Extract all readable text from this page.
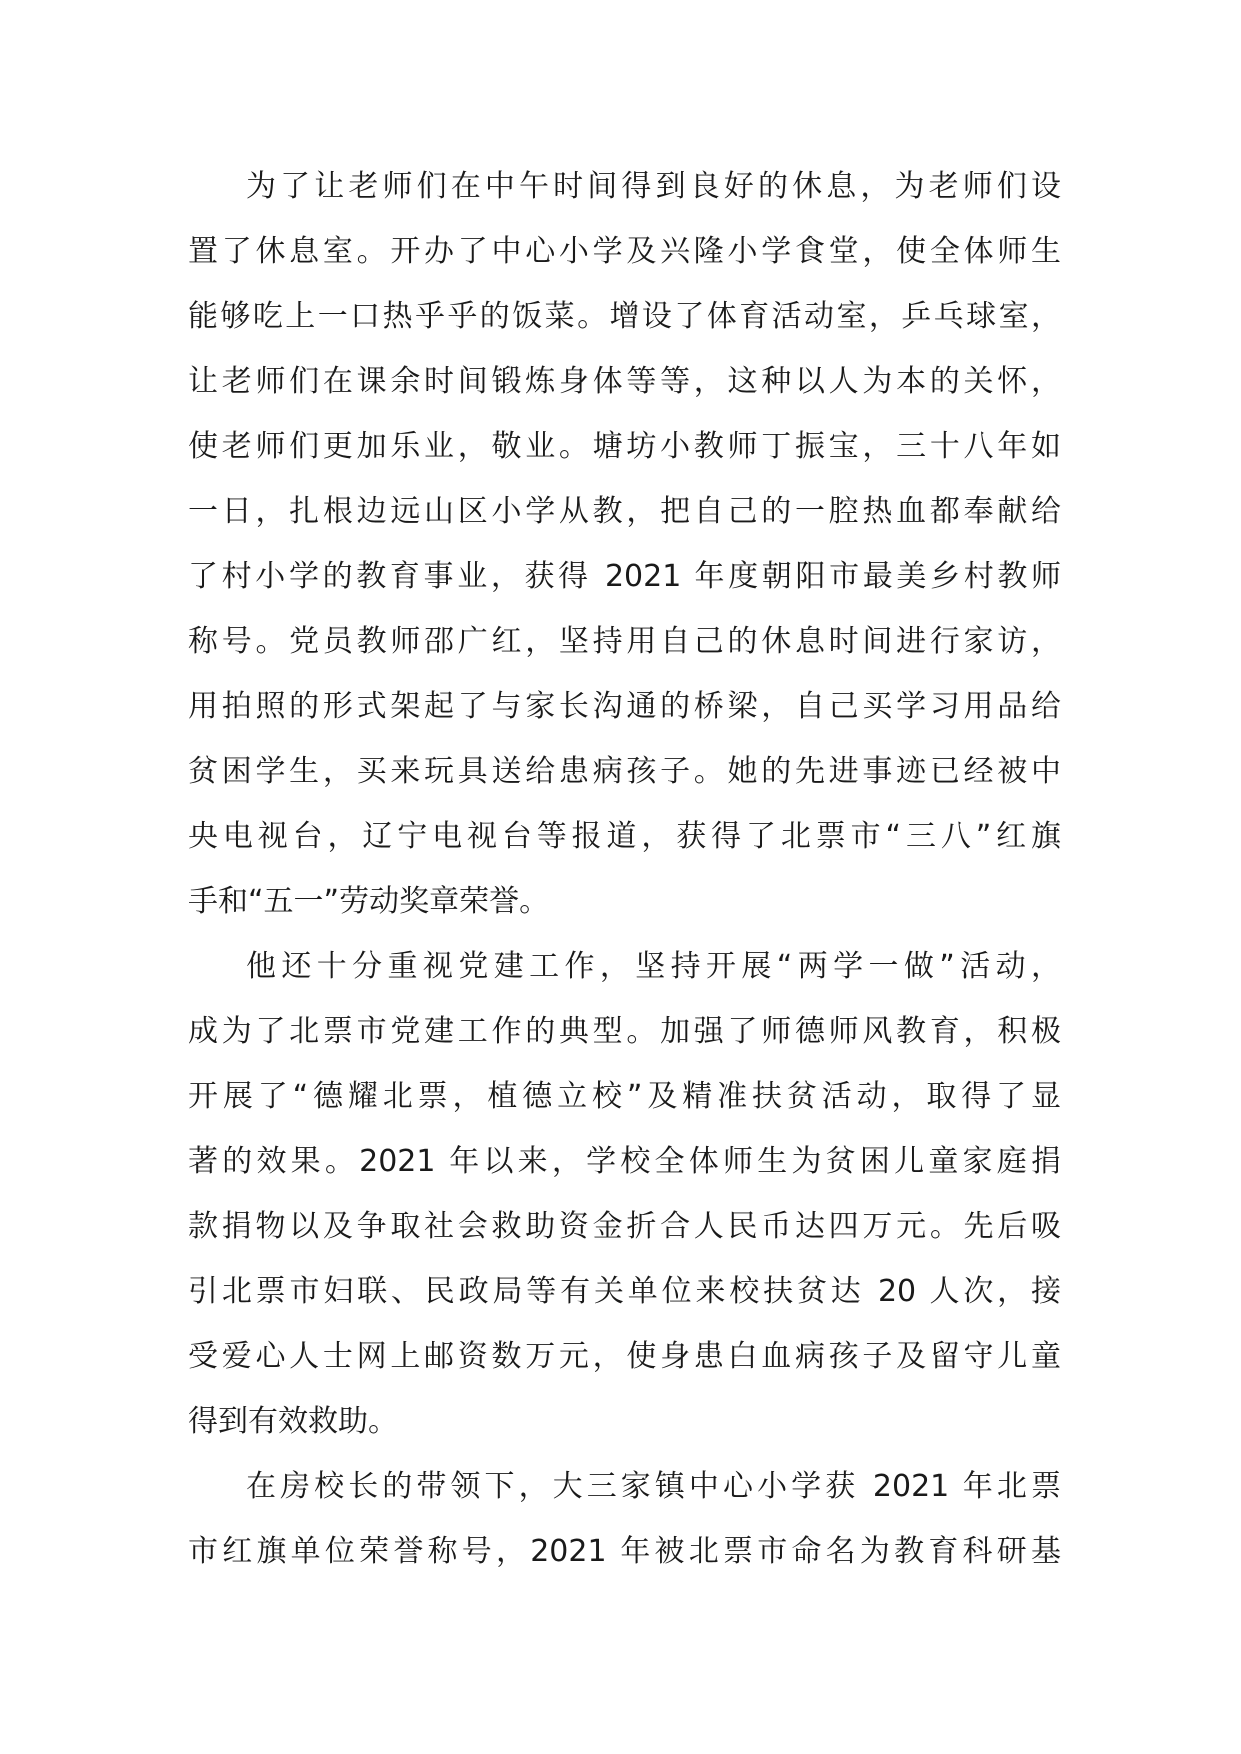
为了让老师们在中午时间得到良好的休息，为老师们设
置了休息室。开办了中心小学及兴隆小学食堂，使全体师生
能够吃上一口热乎乎的饭菜。增设了体育活动室，乒乓球室，
让老师们在课余时间锻炼身体等等，这种以人为本的关怀，
使老师们更加乐业，敬业。塘坊小教师丁振宝，三十八年如
一日，扎根边远山区小学从教，把自己的一腔热血都奉献给
了村小学的教育事业，获得 2021 年度朝阳市最美乡村教师
称号。党员教师邵广红，坚持用自己的休息时间进行家访，
用拍照的形式架起了与家长沟通的桥梁，自己买学习用品给
贫困学生，买来玩具送给患病孩子。她的先进事迹已经被中
央电视台，辽宁电视台等报道，获得了北票市“三八”红旗
手和“五一”劳动奖章荣誉。
他还十分重视党建工作，坚持开展“两学一做”活动，
成为了北票市党建工作的典型。加强了师德师风教育，积极
开展了“德耀北票，植德立校”及精准扶贫活动，取得了显
著的效果。2021 年以来，学校全体师生为贫困儿童家庭捐
款捐物以及争取社会救助资金折合人民币达四万元。先后吸
引北票市妇联、民政局等有关单位来校扶贫达 20 人次，接
受爱心人士网上邮资数万元，使身患白血病孩子及留守儿童
得到有效救助。
在房校长的带领下，大三家镇中心小学获 2021 年北票
市红旗单位荣誉称号，2021 年被北票市命名为教育科研基
